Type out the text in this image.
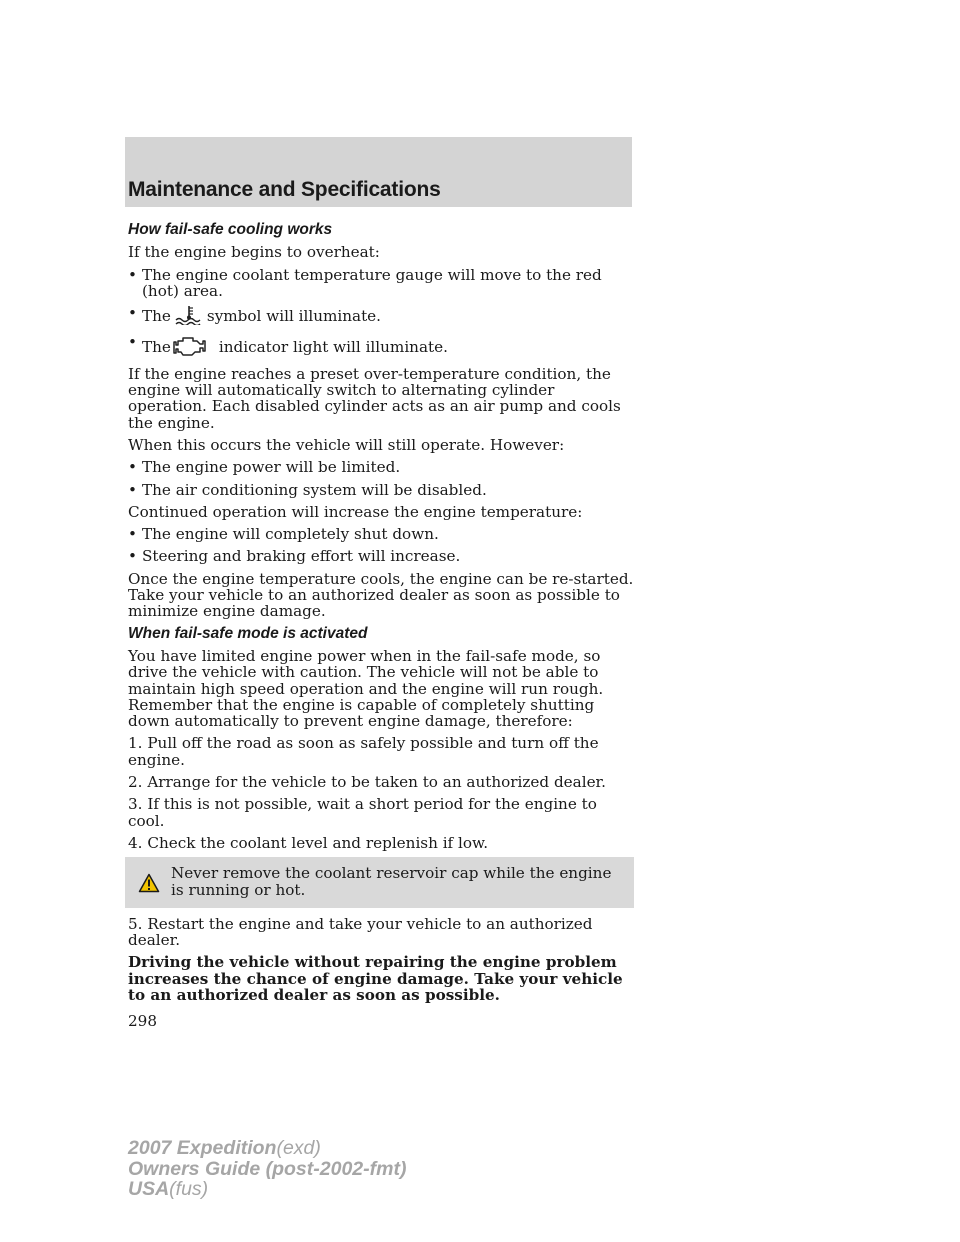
Maintenance and Specifications
How fail-safe cooling works
If the engine begins to overheat:
• The engine coolant temperature gauge will move to the red (hot) area.
• The symbol will illuminate.
• The	indicator light will illuminate.
If the engine reaches a preset over-temperature condition, the engine will automatically switch to alternating cylinder operation. Each disabled cylinder acts as an air pump and cools the engine.
When this occurs the vehicle will still operate. However:
• The engine power will be limited.
• The air conditioning system will be disabled.
Continued operation will increase the engine temperature:
• The engine will completely shut down.
• Steering and braking effort will increase.
Once the engine temperature cools, the engine can be re-started. Take your vehicle to an authorized dealer as soon as possible to minimize engine damage.
When fail-safe mode is activated
You have limited engine power when in the fail-safe mode, so drive the vehicle with caution. The vehicle will not be able to maintain high speed operation and the engine will run rough. Remember that the engine is capable of completely shutting down automatically to prevent engine damage, therefore:
1. Pull off the road as soon as safely possible and turn off the engine.
2. Arrange for the vehicle to be taken to an authorized dealer.
3. If this is not possible, wait a short period for the engine to cool.
4. Check the coolant level and replenish if low.
Never remove the coolant reservoir cap while the engine is running or hot.
5. Restart the engine and take your vehicle to an authorized dealer.
Driving the vehicle without repairing the engine problem increases the chance of engine damage. Take your vehicle to an authorized dealer as soon as possible.
298
2007 Expedition(exd)
Owners Guide (post-2002-fmt)
USA(fus)
